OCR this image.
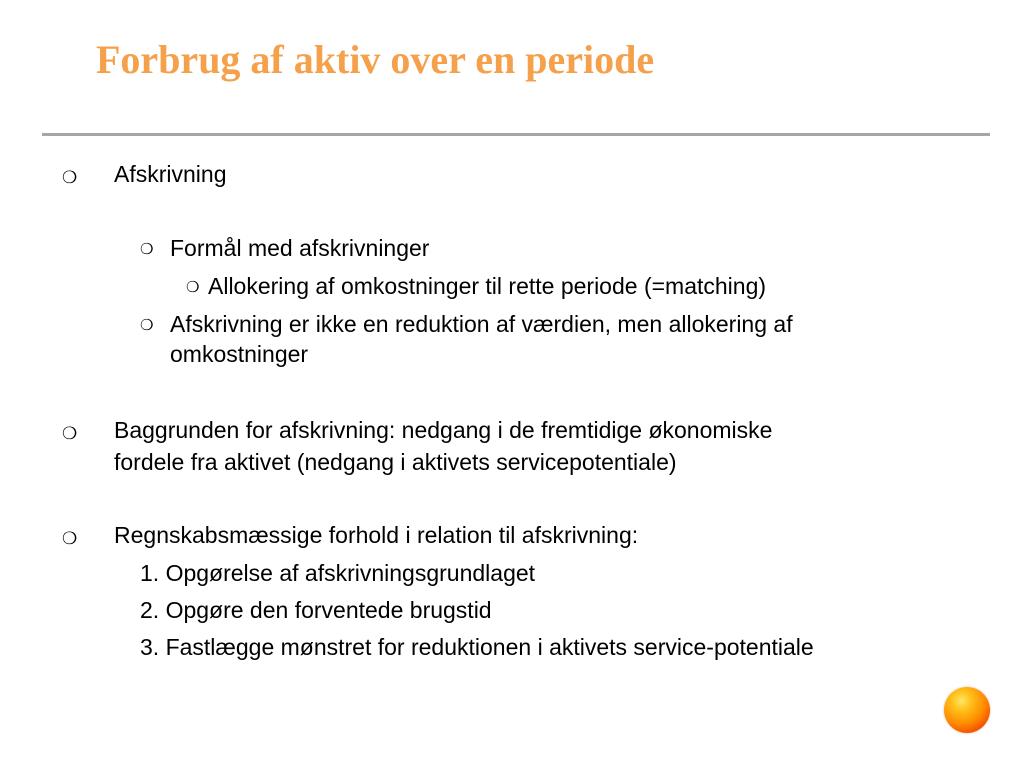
Forbrug af aktiv over en periode
❍ Afskrivning
❍ Formål med afskrivninger
❍ Allokering af omkostninger til rette periode (=matching)
❍ Afskrivning er ikke en reduktion af værdien, men allokering af
omkostninger
❍ Baggrunden for afskrivning: nedgang i de fremtidige økonomiske
fordele fra aktivet (nedgang i aktivets servicepotentiale)
❍ Regnskabsmæssige forhold i relation til afskrivning:
1. Opgørelse af afskrivningsgrundlaget
2. Opgøre den forventede brugstid
3. Fastlægge mønstret for reduktionen i aktivets service-potentiale
